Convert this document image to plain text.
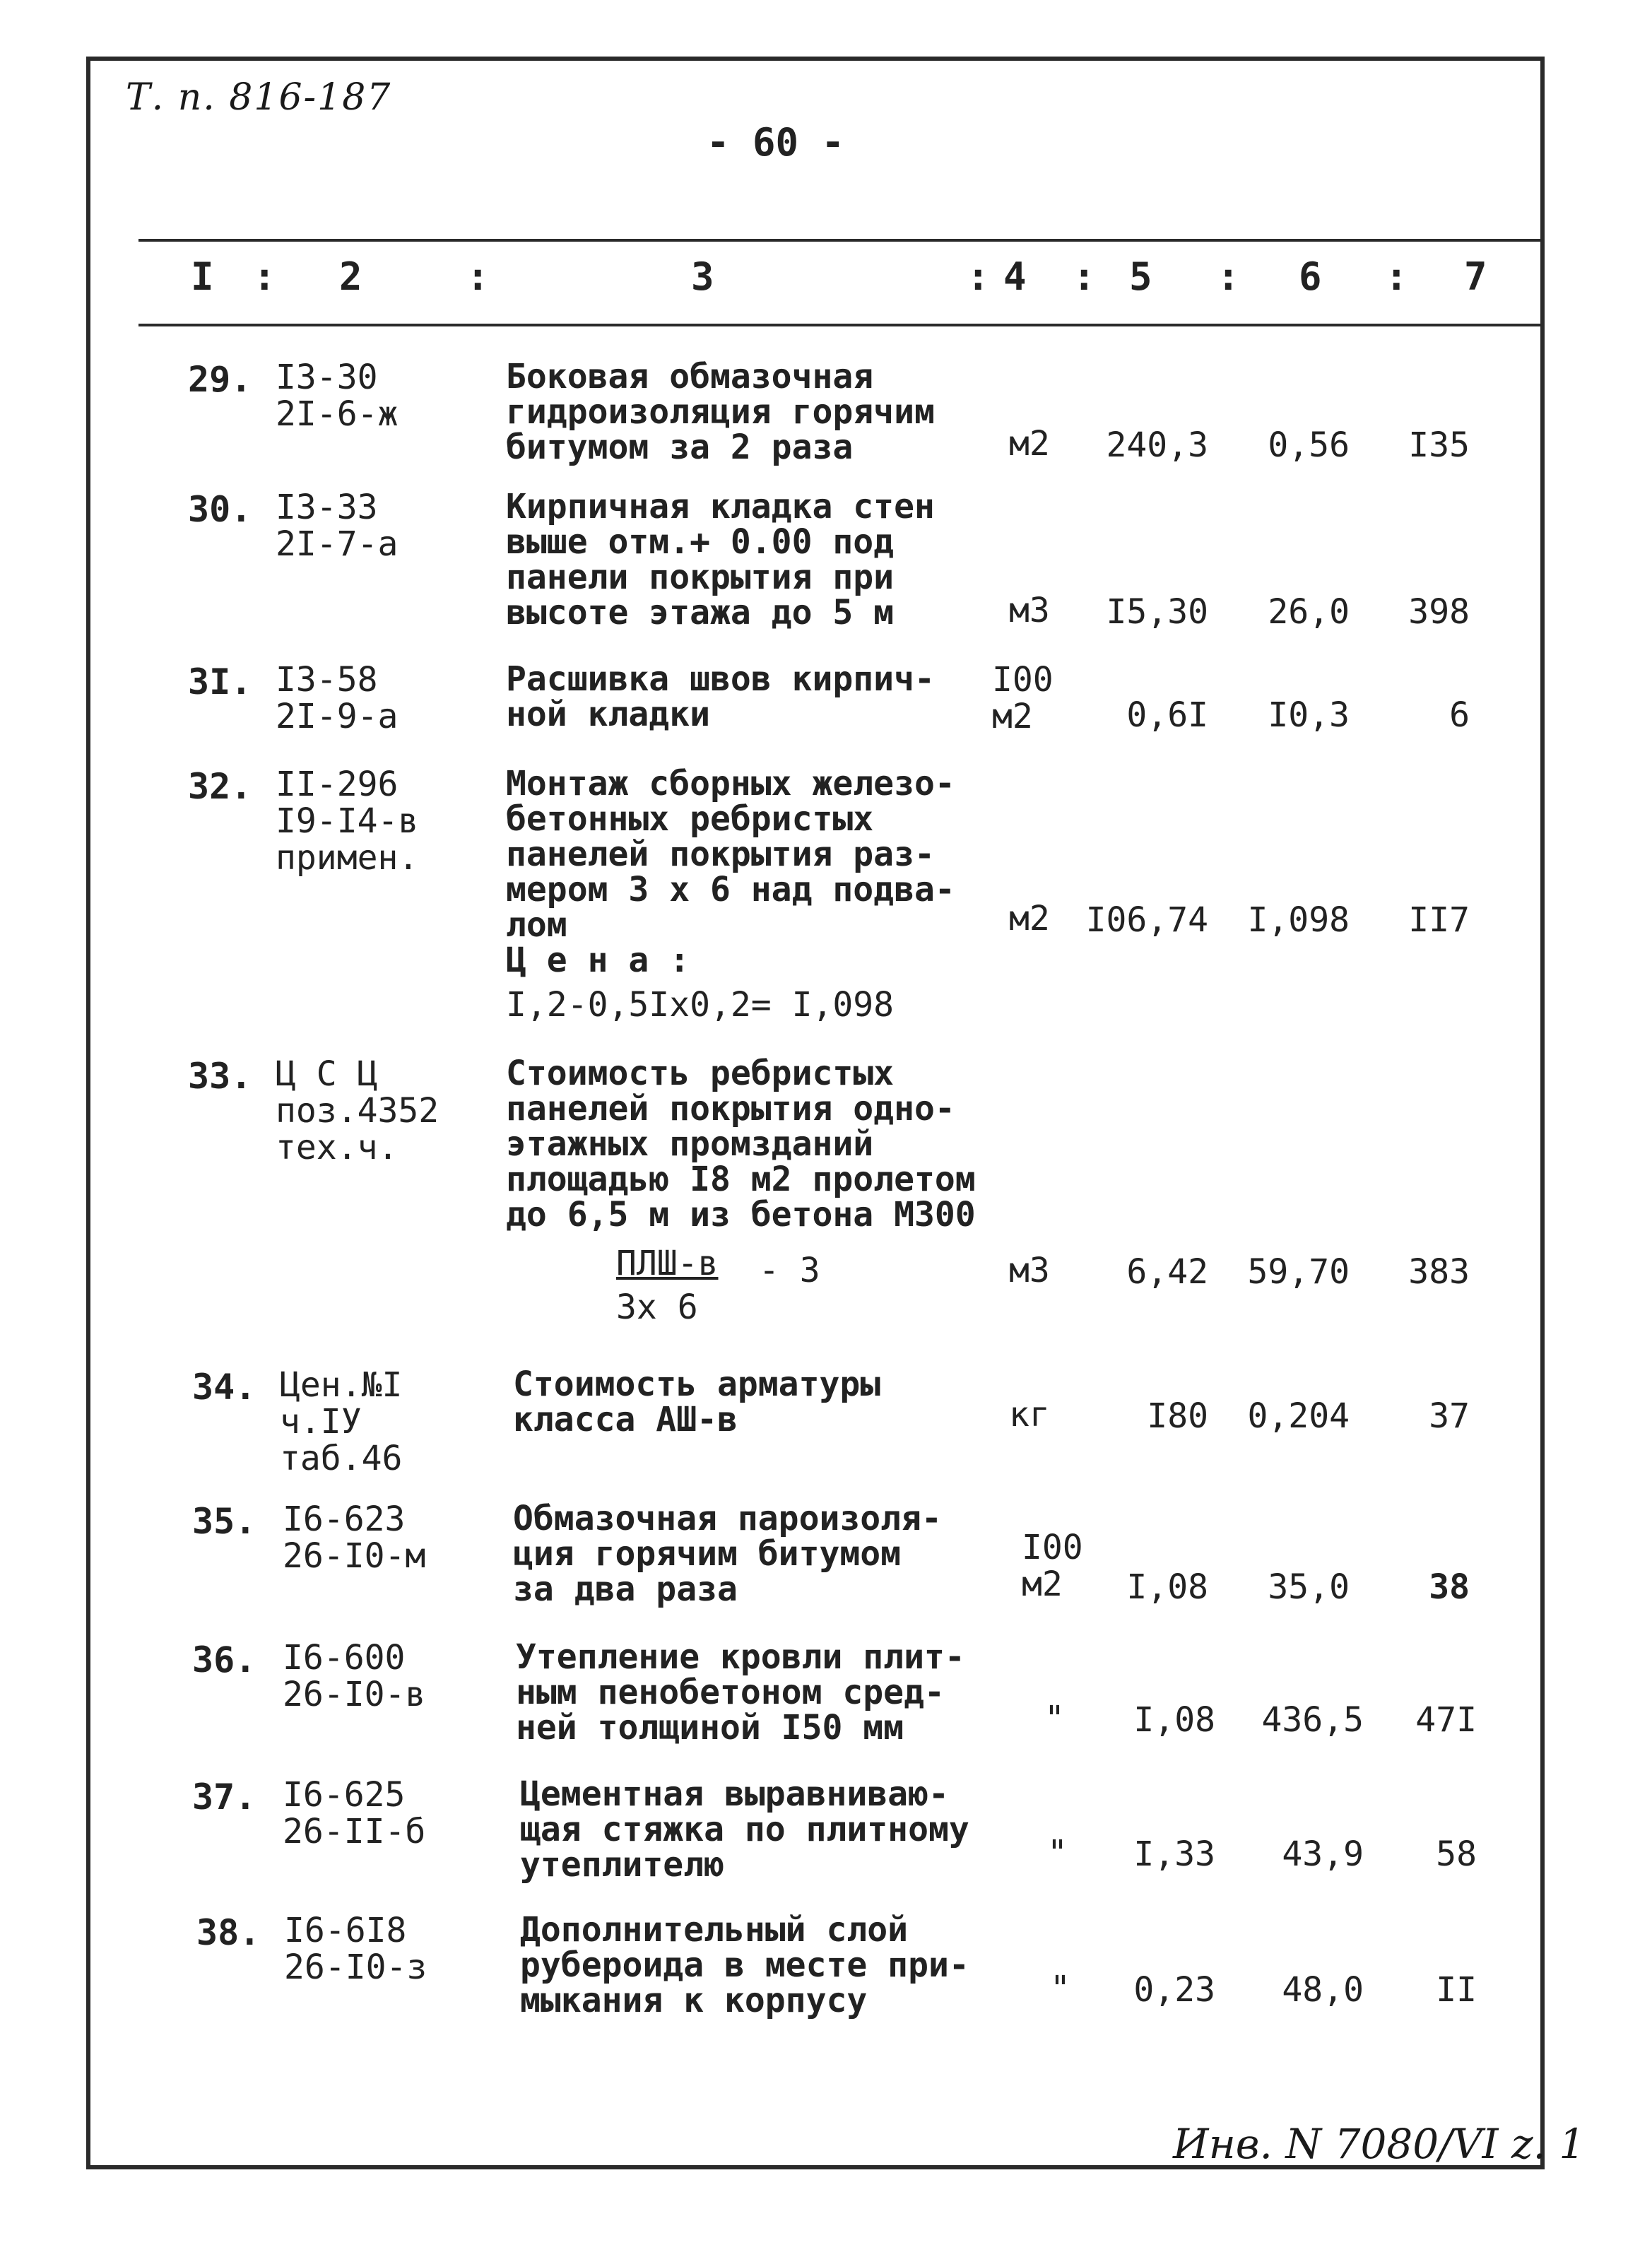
Т. п. 816-187
- 60 -
I : 2	:	3	: 4 : 5 : 6 : 7
29. I3-30
2I-6-ж
Боковая обмазочная
гидроизоляция горячим
битумом за 2 раза	м2	240,3	0,56	I35
30. I3-33
2I-7-а
Кирпичная кладка стен
выше отм.+ 0.00 под
панели покрытия при
высоте этажа до 5 м	м3	I5,30	26,0	398
3I. I3-58
2I-9-а
Расшивка швов кирпич-
ной кладки
I00
м2	0,6I	I0,3	6
32. II-296
I9-I4-в
примен.
Монтаж сборных железо-
бетонных ребристых
панелей покрытия раз-
мером 3 х 6 над подва-
лом
Ц е н а :
I,2-0,5Iх0,2= I,098
м2	I06,74	I,098	II7
33. Ц С Ц
поз.4352
тех.ч.
Стоимость ребристых
панелей покрытия одно-
этажных промзданий
площадью I8 м2 пролетом
до 6,5 м из бетона М300
ПЛШ-в - 3
3х 6
м3	6,42	59,70	383
34. Цен.№I
ч.IУ
таб.46
Стоимость арматуры
класса АШ-в	кг	I80	0,204	37
35. I6-623
26-I0-м
Обмазочная пароизоля-
ция горячим битумом
за два раза
I00
м2	I,08	35,0	38
36. I6-600
26-I0-в
Утепление кровли плит-
ным пенобетоном сред-
ней толщиной I50 мм	"	I,08	436,5	47I
37. I6-625
26-II-б
Цементная выравниваю-
щая стяжка по плитному
утеплителю	"	I,33	43,9	58
38. I6-6I8
26-I0-з
Дополнительный слой
рубероида в месте при-
мыкания к корпусу	"	0,23	48,0	II
Инв. N 7080/VI z. 1
